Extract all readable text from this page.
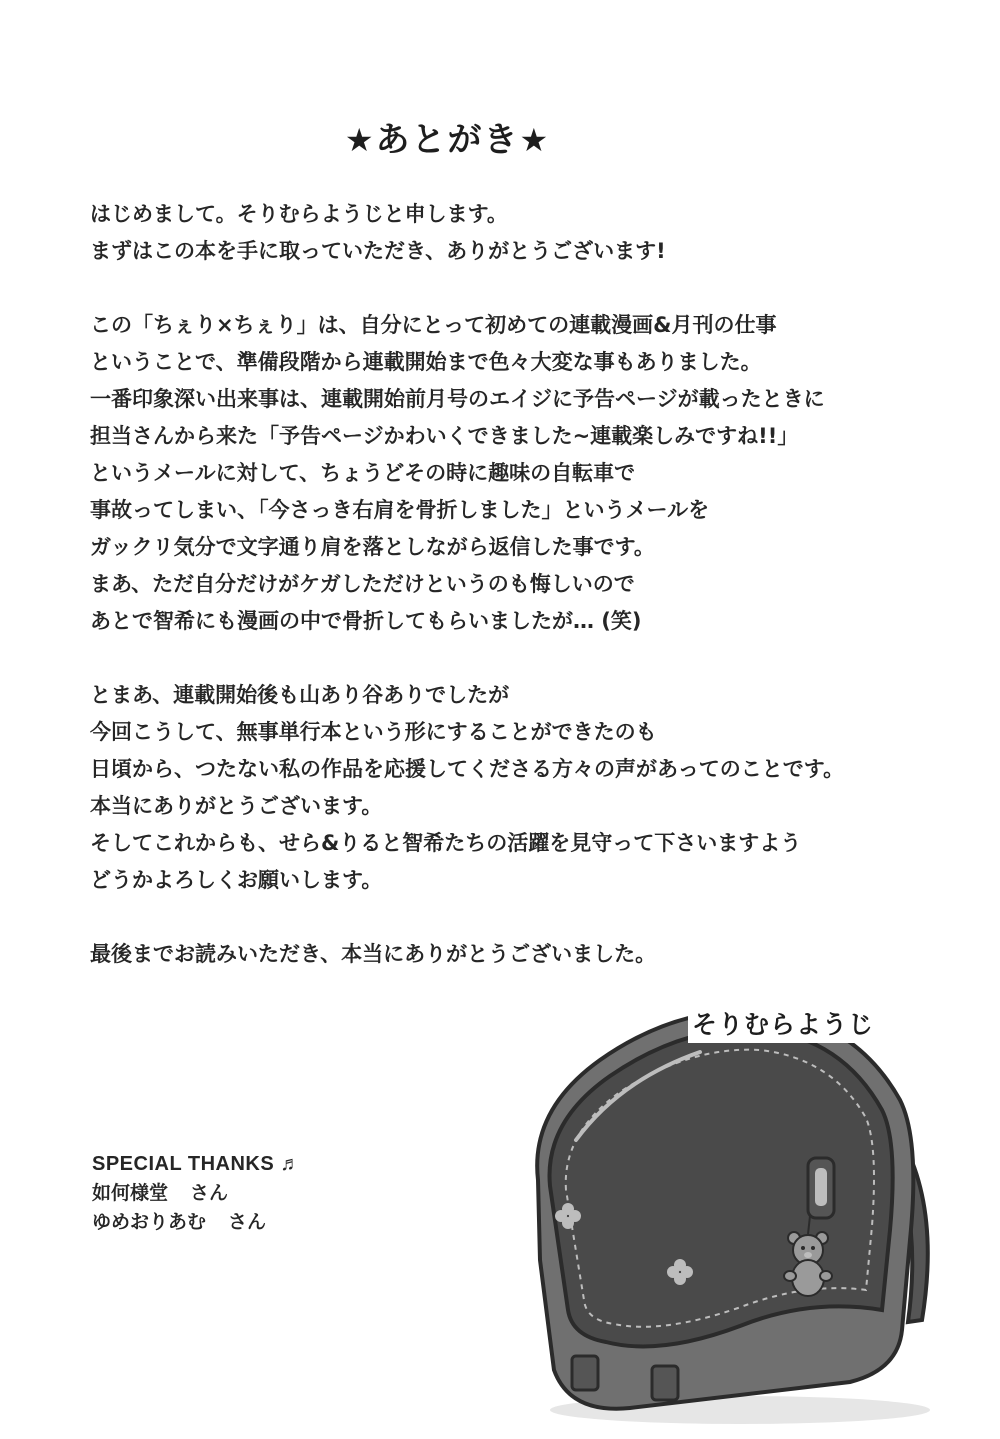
★あとがき★
はじめまして。そりむらようじと申します。
まずはこの本を手に取っていただき、ありがとうございます!
この「ちぇり×ちぇり」は、自分にとって初めての連載漫画&月刊の仕事
ということで、準備段階から連載開始まで色々大変な事もありました。
一番印象深い出来事は、連載開始前月号のエイジに予告ページが載ったときに
担当さんから来た「予告ページかわいくできました~連載楽しみですね!!」
というメールに対して、ちょうどその時に趣味の自転車で
事故ってしまい、「今さっき右肩を骨折しました」というメールを
ガックリ気分で文字通り肩を落としながら返信した事です。
まあ、ただ自分だけがケガしただけというのも悔しいので
あとで智希にも漫画の中で骨折してもらいましたが… (笑)
とまあ、連載開始後も山あり谷ありでしたが
今回こうして、無事単行本という形にすることができたのも
日頃から、つたない私の作品を応援してくださる方々の声があってのことです。
本当にありがとうございます。
そしてこれからも、せら&りると智希たちの活躍を見守って下さいますよう
どうかよろしくお願いします。
最後までお読みいただき、本当にありがとうございました。
そりむらようじ
SPECIAL THANKS ♬
如何様堂 さん
ゆめおりあむ さん
